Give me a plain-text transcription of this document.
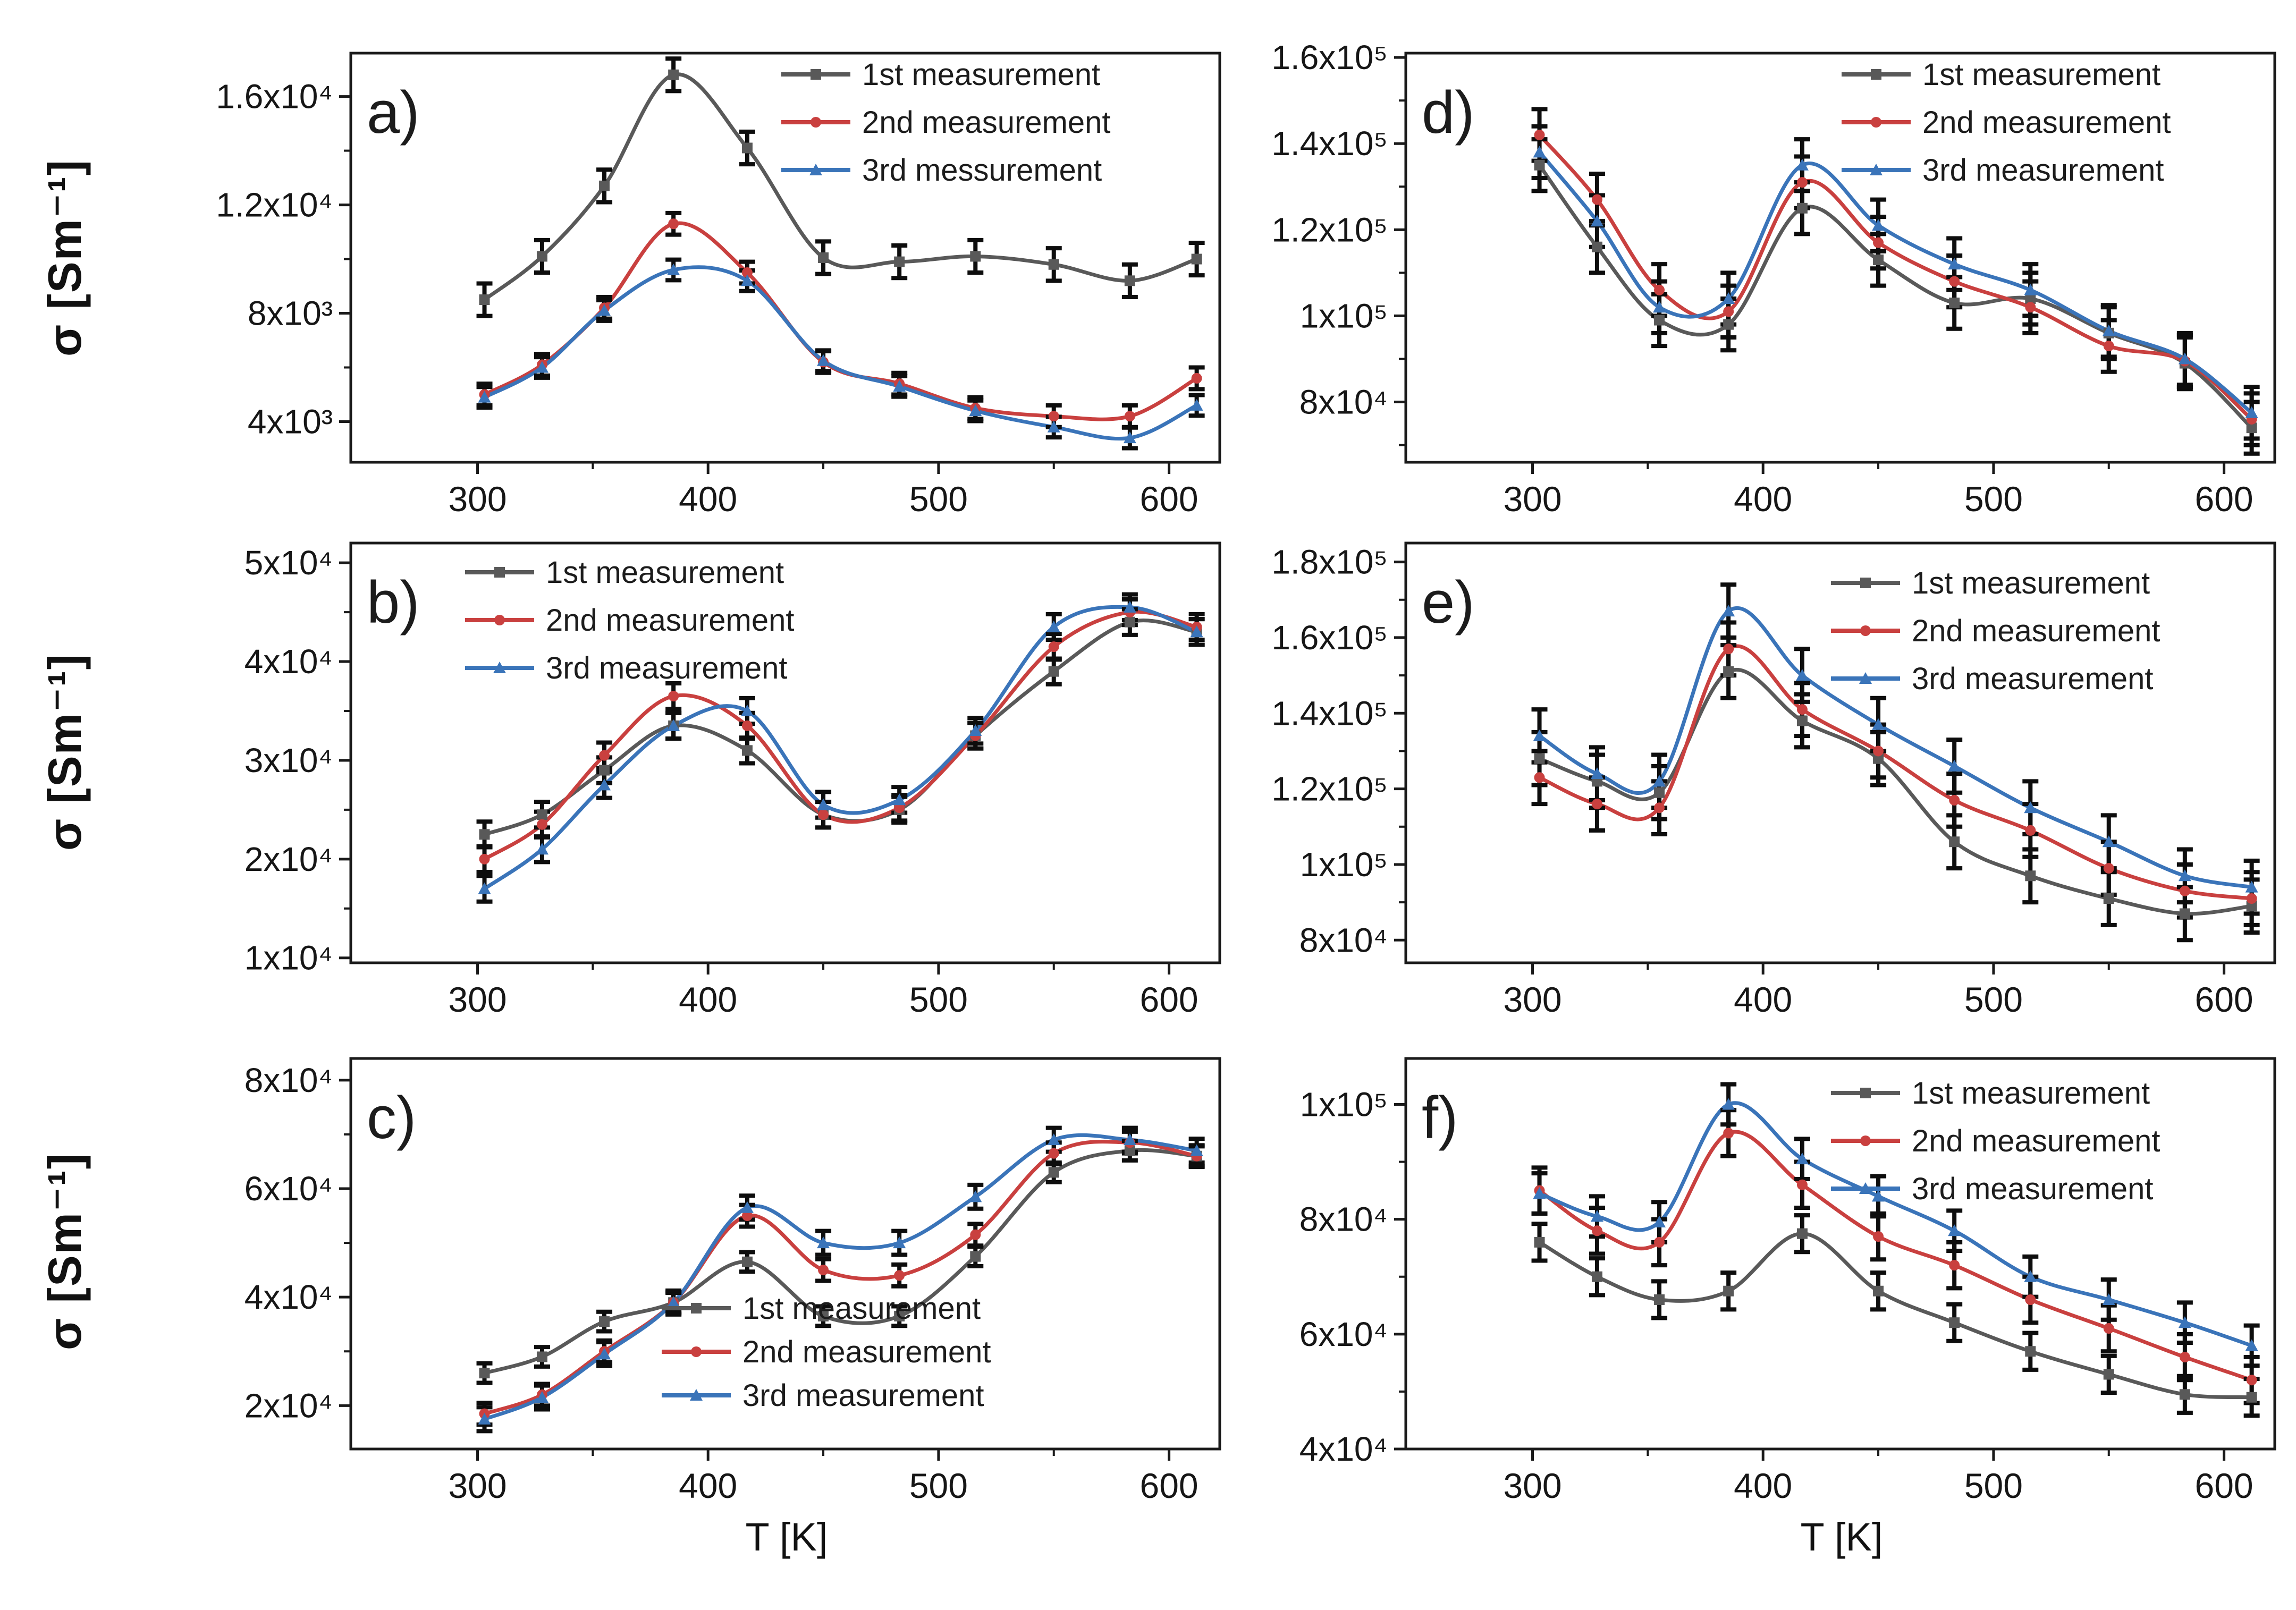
300	400	500	600
4x10³
8x10³
1.2x10⁴
1.6x10⁴ a)
1st measurement
2nd measurement
3rd messurement
300	400	500	600
1x10⁴
2x10⁴
3x10⁴
4x10⁴
5x10⁴
b)	1st measurement
2nd measurement
3rd measurement
300	400	500	600
2x10⁴
4x10⁴
6x10⁴
8x10⁴
c)
1st measurement
2nd measurement
3rd measurement
300	400	500	600
8x10⁴
1x10⁵
1.2x10⁵
1.4x10⁵
1.6x10⁵
d)
1st measurement
2nd measurement
3rd measurement
300	400	500	600
8x10⁴
1x10⁵
1.2x10⁵
1.4x10⁵
1.6x10⁵
1.8x10⁵
e)	1st measurement
2nd measurement
3rd measurement
300	400	500	600
4x10⁴
6x10⁴
8x10⁴
1x10⁵ f)	1st measurement
2nd measurement
3rd measurement
σ [Sm⁻¹]
σ [Sm⁻¹]
σ [Sm⁻¹]
T [K]	T [K]
